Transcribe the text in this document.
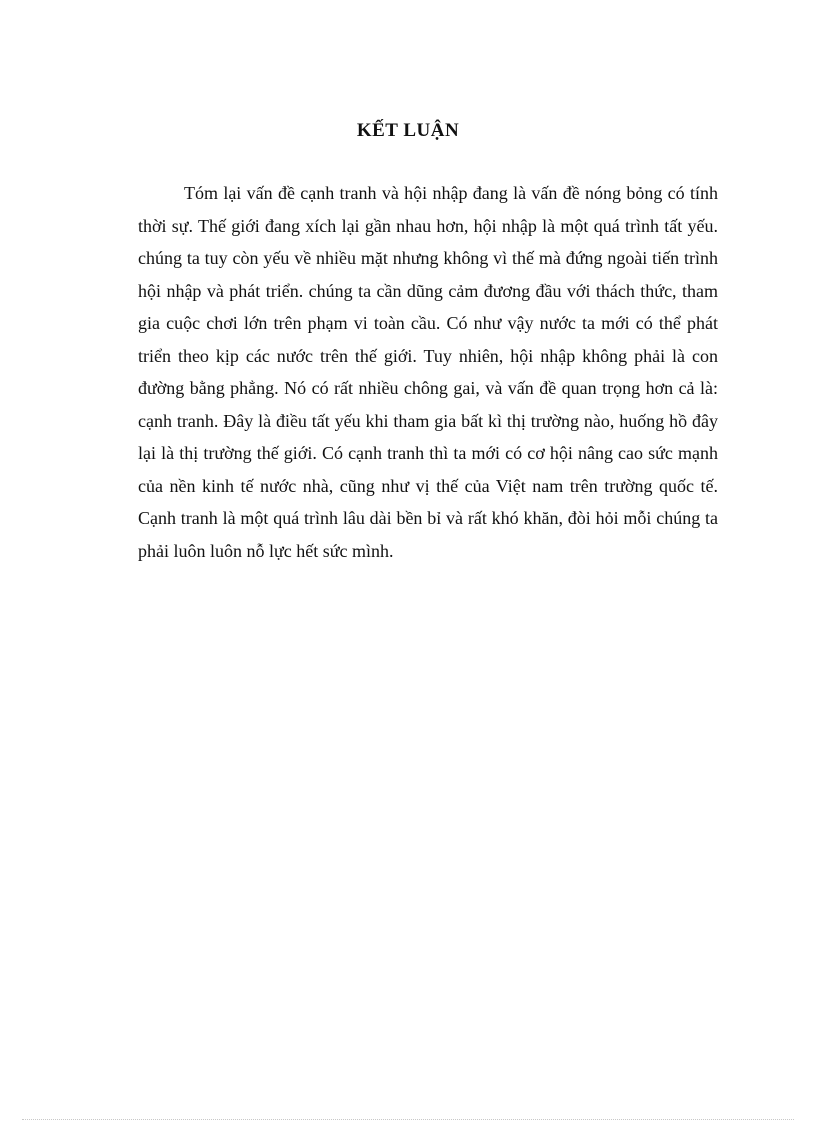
KẾT LUẬN

Tóm lại vấn đề cạnh tranh và hội nhập đang là vấn đề nóng bỏng có tính thời sự. Thế giới đang xích lại gần nhau hơn, hội nhập là một quá trình tất yếu. chúng ta tuy còn yếu về nhiều mặt nhưng không vì thế mà đứng ngoài tiến trình hội nhập và phát triển. chúng ta cần dũng cảm đương đầu với thách thức, tham gia cuộc chơi lớn trên phạm vi toàn cầu. Có như vậy nước ta mới có thể phát triển theo kịp các nước trên thế giới. Tuy nhiên, hội nhập không phải là con đường bằng phẳng. Nó có rất nhiều chông gai, và vấn đề quan trọng hơn cả là: cạnh tranh. Đây là điều tất yếu khi tham gia bất kì thị trường nào, huống hồ đây lại là thị trường thế giới. Có cạnh tranh thì ta mới có cơ hội nâng cao sức mạnh của nền kinh tế nước nhà, cũng như vị thế của Việt nam trên trường quốc tế. Cạnh tranh là một quá trình lâu dài bền bỉ và rất khó khăn, đòi hỏi mỗi chúng ta phải luôn luôn nỗ lực hết sức mình.
